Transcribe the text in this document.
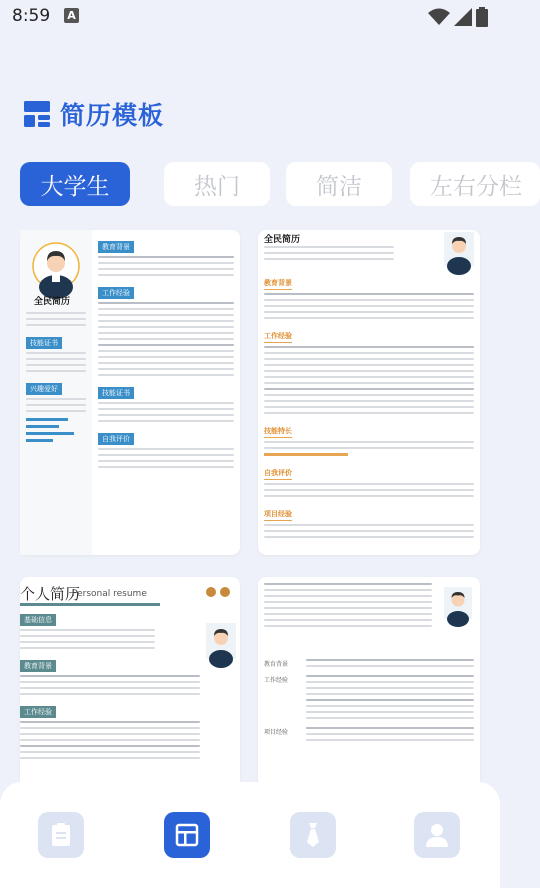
8:59 A
简历模板
大学生	热门	简洁	左右分栏
全民简历
技能证书
兴趣爱好
教育背景
工作经验
技能证书
自我评价
全民简历
教育背景
工作经验
技能特长
自我评价
项目经验
个人简历
Personal resume
基础信息
教育背景
工作经验
教育背景
工作经验
项目经验
